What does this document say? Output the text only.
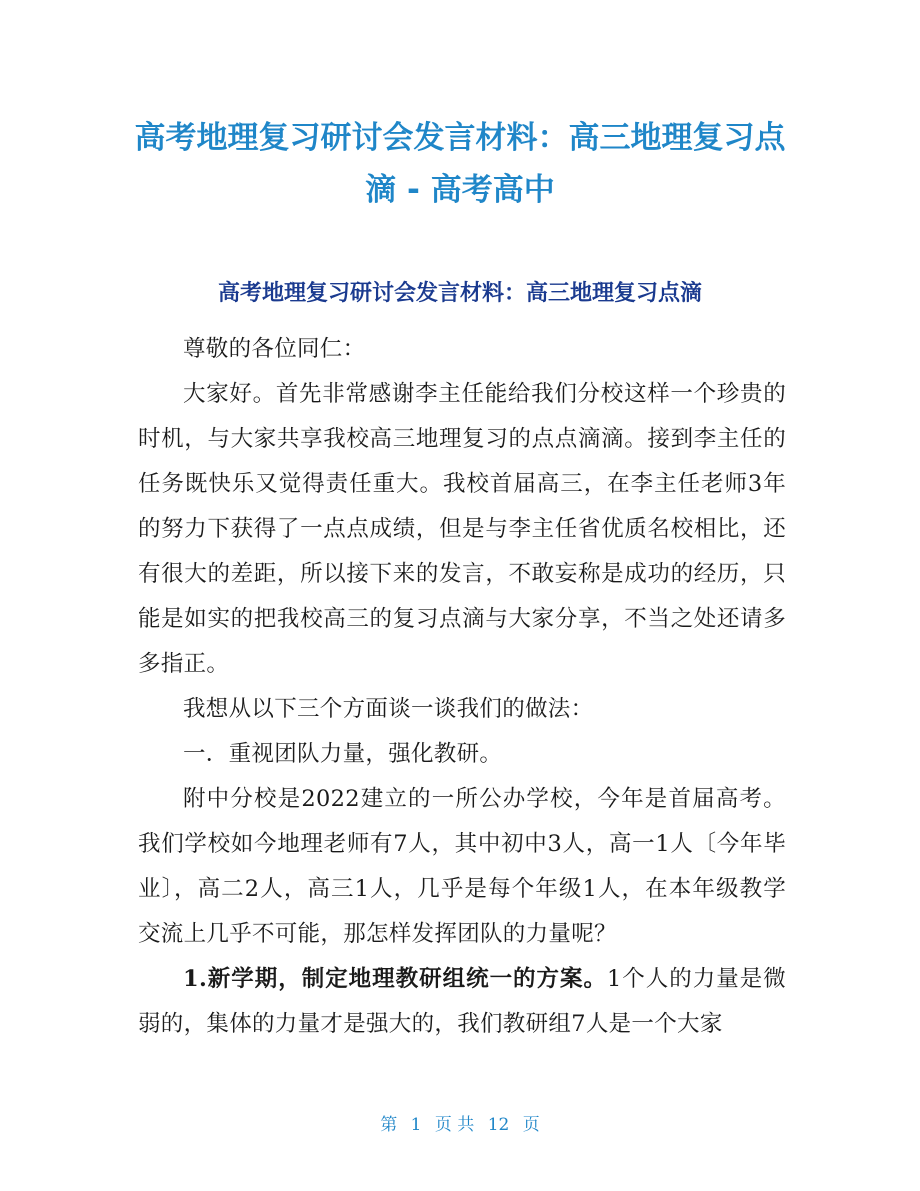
高考地理复习研讨会发言材料：高三地理复习点滴 - 高考高中
高考地理复习研讨会发言材料：高三地理复习点滴

尊敬的各位同仁：

大家好。首先非常感谢李主任能给我们分校这样一个珍贵的时机，与大家共享我校高三地理复习的点点滴滴。接到李主任的任务既快乐又觉得责任重大。我校首届高三，在李主任老师3年的努力下获得了一点点成绩，但是与李主任省优质名校相比，还有很大的差距，所以接下来的发言，不敢妄称是成功的经历，只能是如实的把我校高三的复习点滴与大家分享，不当之处还请多多指正。

我想从以下三个方面谈一谈我们的做法：

一．重视团队力量，强化教研。

附中分校是2022建立的一所公办学校，今年是首届高考。我们学校如今地理老师有7人，其中初中3人，高一1人〔今年毕业〕，高二2人，高三1人，几乎是每个年级1人，在本年级教学交流上几乎不可能，那怎样发挥团队的力量呢？

1.新学期，制定地理教研组统一的方案。1个人的力量是微弱的，集体的力量才是强大的，我们教研组7人是一个大家

第 1 页 共 12 页
